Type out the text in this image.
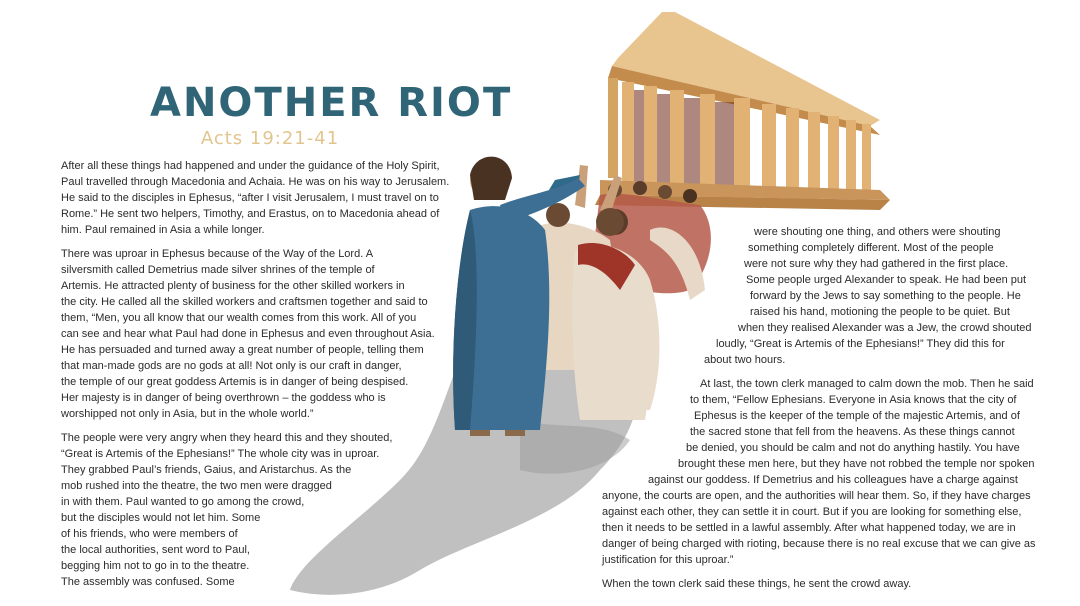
ANOTHER RIOT
Acts 19:21-41

After all these things had happened and under the guidance of the Holy Spirit,
Paul travelled through Macedonia and Achaia. He was on his way to Jerusalem.
He said to the disciples in Ephesus, “after I visit Jerusalem, I must travel on to
Rome.” He sent two helpers, Timothy, and Erastus, on to Macedonia ahead of
him. Paul remained in Asia a while longer.

There was uproar in Ephesus because of the Way of the Lord. A
silversmith called Demetrius made silver shrines of the temple of
Artemis. He attracted plenty of business for the other skilled workers in
the city. He called all the skilled workers and craftsmen together and said to
them, “Men, you all know that our wealth comes from this work. All of you
can see and hear what Paul had done in Ephesus and even throughout Asia.
He has persuaded and turned away a great number of people, telling them
that man-made gods are no gods at all! Not only is our craft in danger,
the temple of our great goddess Artemis is in danger of being despised.
Her majesty is in danger of being overthrown – the goddess who is
worshipped not only in Asia, but in the whole world.”

The people were very angry when they heard this and they shouted,
“Great is Artemis of the Ephesians!” The whole city was in uproar.
They grabbed Paul’s friends, Gaius, and Aristarchus. As the
mob rushed into the theatre, the two men were dragged
in with them. Paul wanted to go among the crowd,
but the disciples would not let him. Some
of his friends, who were members of
the local authorities, sent word to Paul,
begging him not to go in to the theatre.
The assembly was confused. Some

were shouting one thing, and others were shouting
something completely different. Most of the people
were not sure why they had gathered in the first place.
Some people urged Alexander to speak. He had been put
forward by the Jews to say something to the people. He
raised his hand, motioning the people to be quiet. But
when they realised Alexander was a Jew, the crowd shouted
loudly, “Great is Artemis of the Ephesians!” They did this for
about two hours.

At last, the town clerk managed to calm down the mob. Then he said
to them, “Fellow Ephesians. Everyone in Asia knows that the city of
Ephesus is the keeper of the temple of the majestic Artemis, and of
the sacred stone that fell from the heavens. As these things cannot
be denied, you should be calm and not do anything hastily. You have
brought these men here, but they have not robbed the temple nor spoken
against our goddess. If Demetrius and his colleagues have a charge against
anyone, the courts are open, and the authorities will hear them. So, if they have charges
against each other, they can settle it in court. But if you are looking for something else,
then it needs to be settled in a lawful assembly. After what happened today, we are in
danger of being charged with rioting, because there is no real excuse that we can give as
justification for this uproar.”

When the town clerk said these things, he sent the crowd away.
